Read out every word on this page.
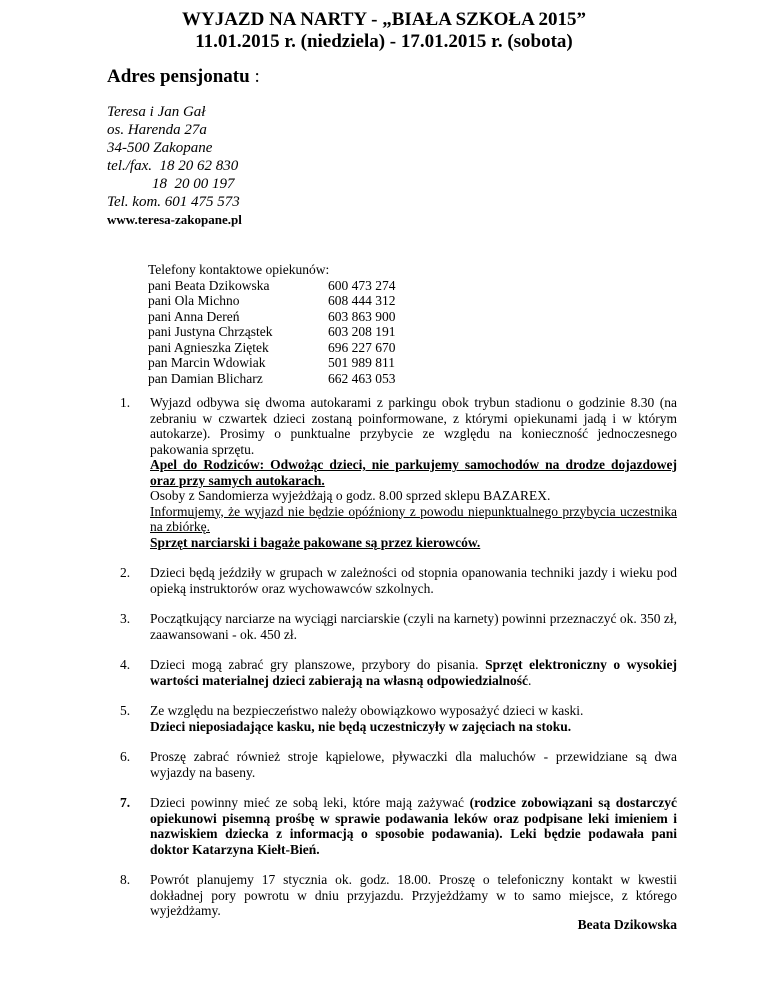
WYJAZD NA NARTY - „BIAŁA SZKOŁA 2015”
11.01.2015 r. (niedziela) - 17.01.2015 r. (sobota)
Adres pensjonatu :
Teresa i Jan Gał
os. Harenda 27a
34-500 Zakopane
tel./fax.  18 20 62 830
18  20 00 197
Tel. kom. 601 475 573
www.teresa-zakopane.pl
Telefony kontaktowe opiekunów:
pani Beata Dzikowska	600 473 274
pani Ola Michno	608 444 312
pani Anna Dereń	603 863 900
pani Justyna Chrząstek	603 208 191
pani Agnieszka Ziętek	696 227 670
pan Marcin Wdowiak	501 989 811
pan Damian Blicharz	662 463 053
1.	Wyjazd odbywa się dwoma autokarami z parkingu obok trybun stadionu o godzinie 8.30 (na zebraniu w czwartek dzieci zostaną poinformowane, z którymi opiekunami jadą i w którym autokarze). Prosimy o punktualne przybycie ze względu na konieczność jednoczesnego pakowania sprzętu.
Apel do Rodziców: Odwożąc dzieci, nie parkujemy samochodów na drodze dojazdowej oraz przy samych autokarach.
Osoby z Sandomierza wyjeżdżają o godz. 8.00 sprzed sklepu BAZAREX.
Informujemy, że wyjazd nie będzie opóźniony z powodu niepunktualnego przybycia uczestnika na zbiórkę.
Sprzęt narciarski i bagaże pakowane są przez kierowców.
2.	Dzieci będą jeździły w grupach w zależności od stopnia opanowania techniki jazdy i wieku pod opieką instruktorów oraz wychowawców szkolnych.
3.	Początkujący narciarze na wyciągi narciarskie (czyli na karnety) powinni przeznaczyć ok. 350 zł, zaawansowani - ok. 450 zł.
4.	Dzieci mogą zabrać gry planszowe, przybory do pisania. Sprzęt elektroniczny o wysokiej wartości materialnej dzieci zabierają na własną odpowiedzialność.
5.	Ze względu na bezpieczeństwo należy obowiązkowo wyposażyć dzieci w kaski.
Dzieci nieposiadające kasku, nie będą uczestniczyły w zajęciach na stoku.
6.	Proszę zabrać również stroje kąpielowe, pływaczki dla maluchów - przewidziane są dwa wyjazdy na baseny.
7.	Dzieci powinny mieć ze sobą leki, które mają zażywać (rodzice zobowiązani są dostarczyć opiekunowi pisemną prośbę w sprawie podawania leków oraz podpisane leki imieniem i nazwiskiem dziecka z informacją o sposobie podawania). Leki będzie podawała pani doktor Katarzyna Kiełt-Bień.
8.	Powrót planujemy 17 stycznia ok. godz. 18.00. Proszę o telefoniczny kontakt w kwestii dokładnej pory powrotu w dniu przyjazdu. Przyjeżdżamy w to samo miejsce, z którego wyjeżdżamy.
Beata Dzikowska
